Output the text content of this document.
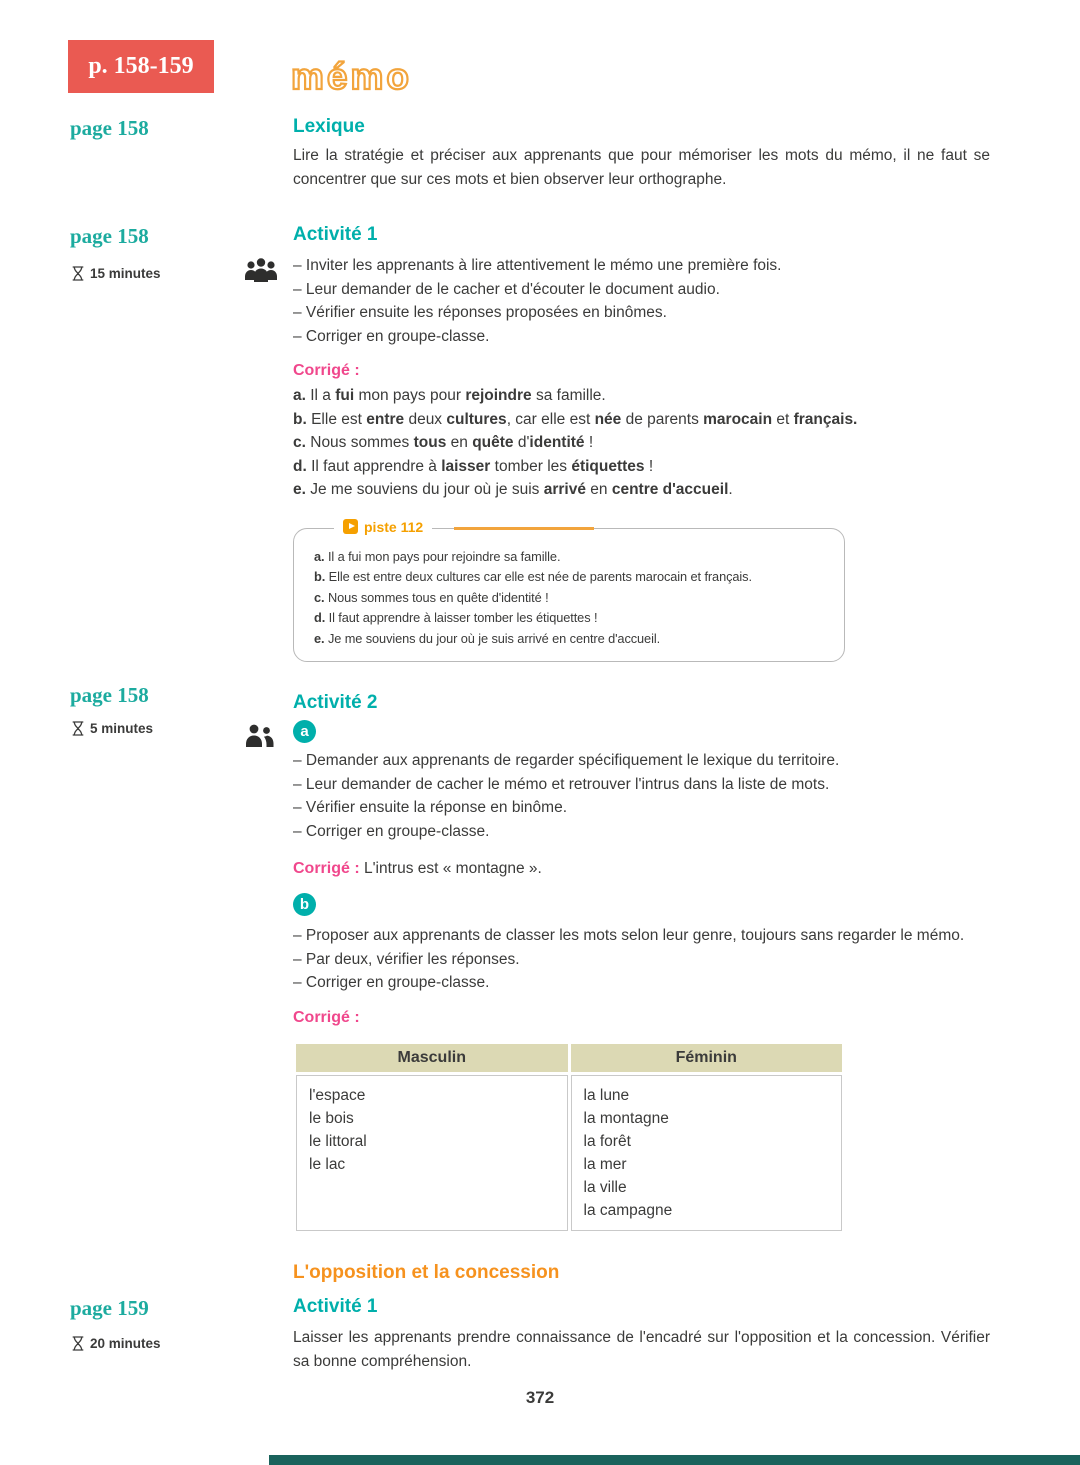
p. 158-159	mémo
page 158
page 158
15 minutes
page 158
5 minutes
page 159
20 minutes
Lexique

Lire la stratégie et préciser aux apprenants que pour mémoriser les mots du mémo, il ne faut se concentrer que sur ces mots et bien observer leur orthographe.

Activité 1
– Inviter les apprenants à lire attentivement le mémo une première fois.
– Leur demander de le cacher et d'écouter le document audio.
– Vérifier ensuite les réponses proposées en binômes.
– Corriger en groupe-classe.

Corrigé :

a. Il a fui mon pays pour rejoindre sa famille.

b. Elle est entre deux cultures, car elle est née de parents marocain et français.

c. Nous sommes tous en quête d'identité !

d. Il faut apprendre à laisser tomber les étiquettes !

e. Je me souviens du jour où je suis arrivé en centre d'accueil.

piste 112

a. Il a fui mon pays pour rejoindre sa famille.

b. Elle est entre deux cultures car elle est née de parents marocain et français.

c. Nous sommes tous en quête d'identité !

d. Il faut apprendre à laisser tomber les étiquettes !

e. Je me souviens du jour où je suis arrivé en centre d'accueil.

Activité 2
a
– Demander aux apprenants de regarder spécifiquement le lexique du territoire.
– Leur demander de cacher le mémo et retrouver l'intrus dans la liste de mots.
– Vérifier ensuite la réponse en binôme.
– Corriger en groupe-classe.

Corrigé : L'intrus est « montagne ».

b
– Proposer aux apprenants de classer les mots selon leur genre, toujours sans regarder le mémo.
– Par deux, vérifier les réponses.
– Corriger en groupe-classe.

Corrigé :

Masculin	Féminin

l'espace
le bois
le littoral
le lac

la lune
la montagne
la forêt
la mer
la ville
la campagne
L'opposition et la concession
Activité 1

Laisser les apprenants prendre connaissance de l'encadré sur l'opposition et la concession. Vérifier sa bonne compréhension.

372
